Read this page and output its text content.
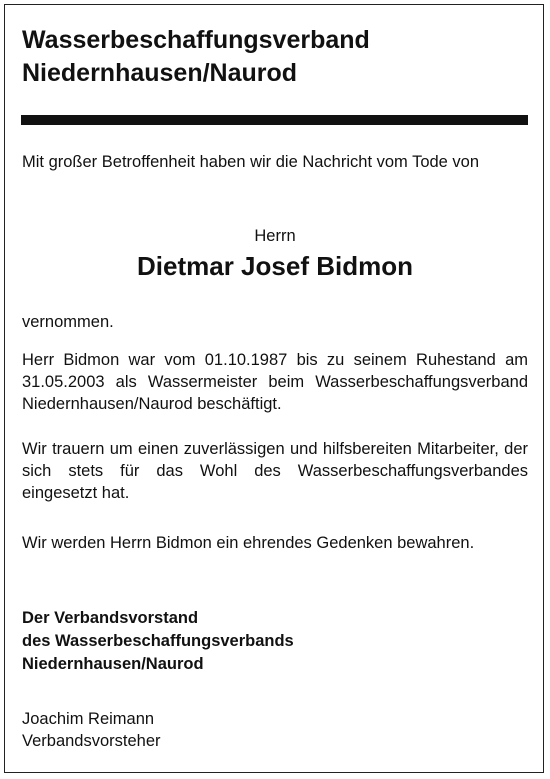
Wasserbeschaffungsverband
Niedernhausen/Naurod
Mit großer Betroffenheit haben wir die Nachricht vom Tode von
Herrn
Dietmar Josef Bidmon
vernommen.
Herr Bidmon war vom 01.10.1987 bis zu seinem Ruhestand am 31.05.2003 als Wassermeister beim Wasserbeschaffungsverband Niedernhausen/Naurod beschäftigt.
Wir trauern um einen zuverlässigen und hilfsbereiten Mitarbeiter, der sich stets für das Wohl des Wasserbeschaffungsverbandes eingesetzt hat.
Wir werden Herrn Bidmon ein ehrendes Gedenken bewahren.
Der Verbandsvorstand
des Wasserbeschaffungsverbands
Niedernhausen/Naurod
Joachim Reimann
Verbandsvorsteher
